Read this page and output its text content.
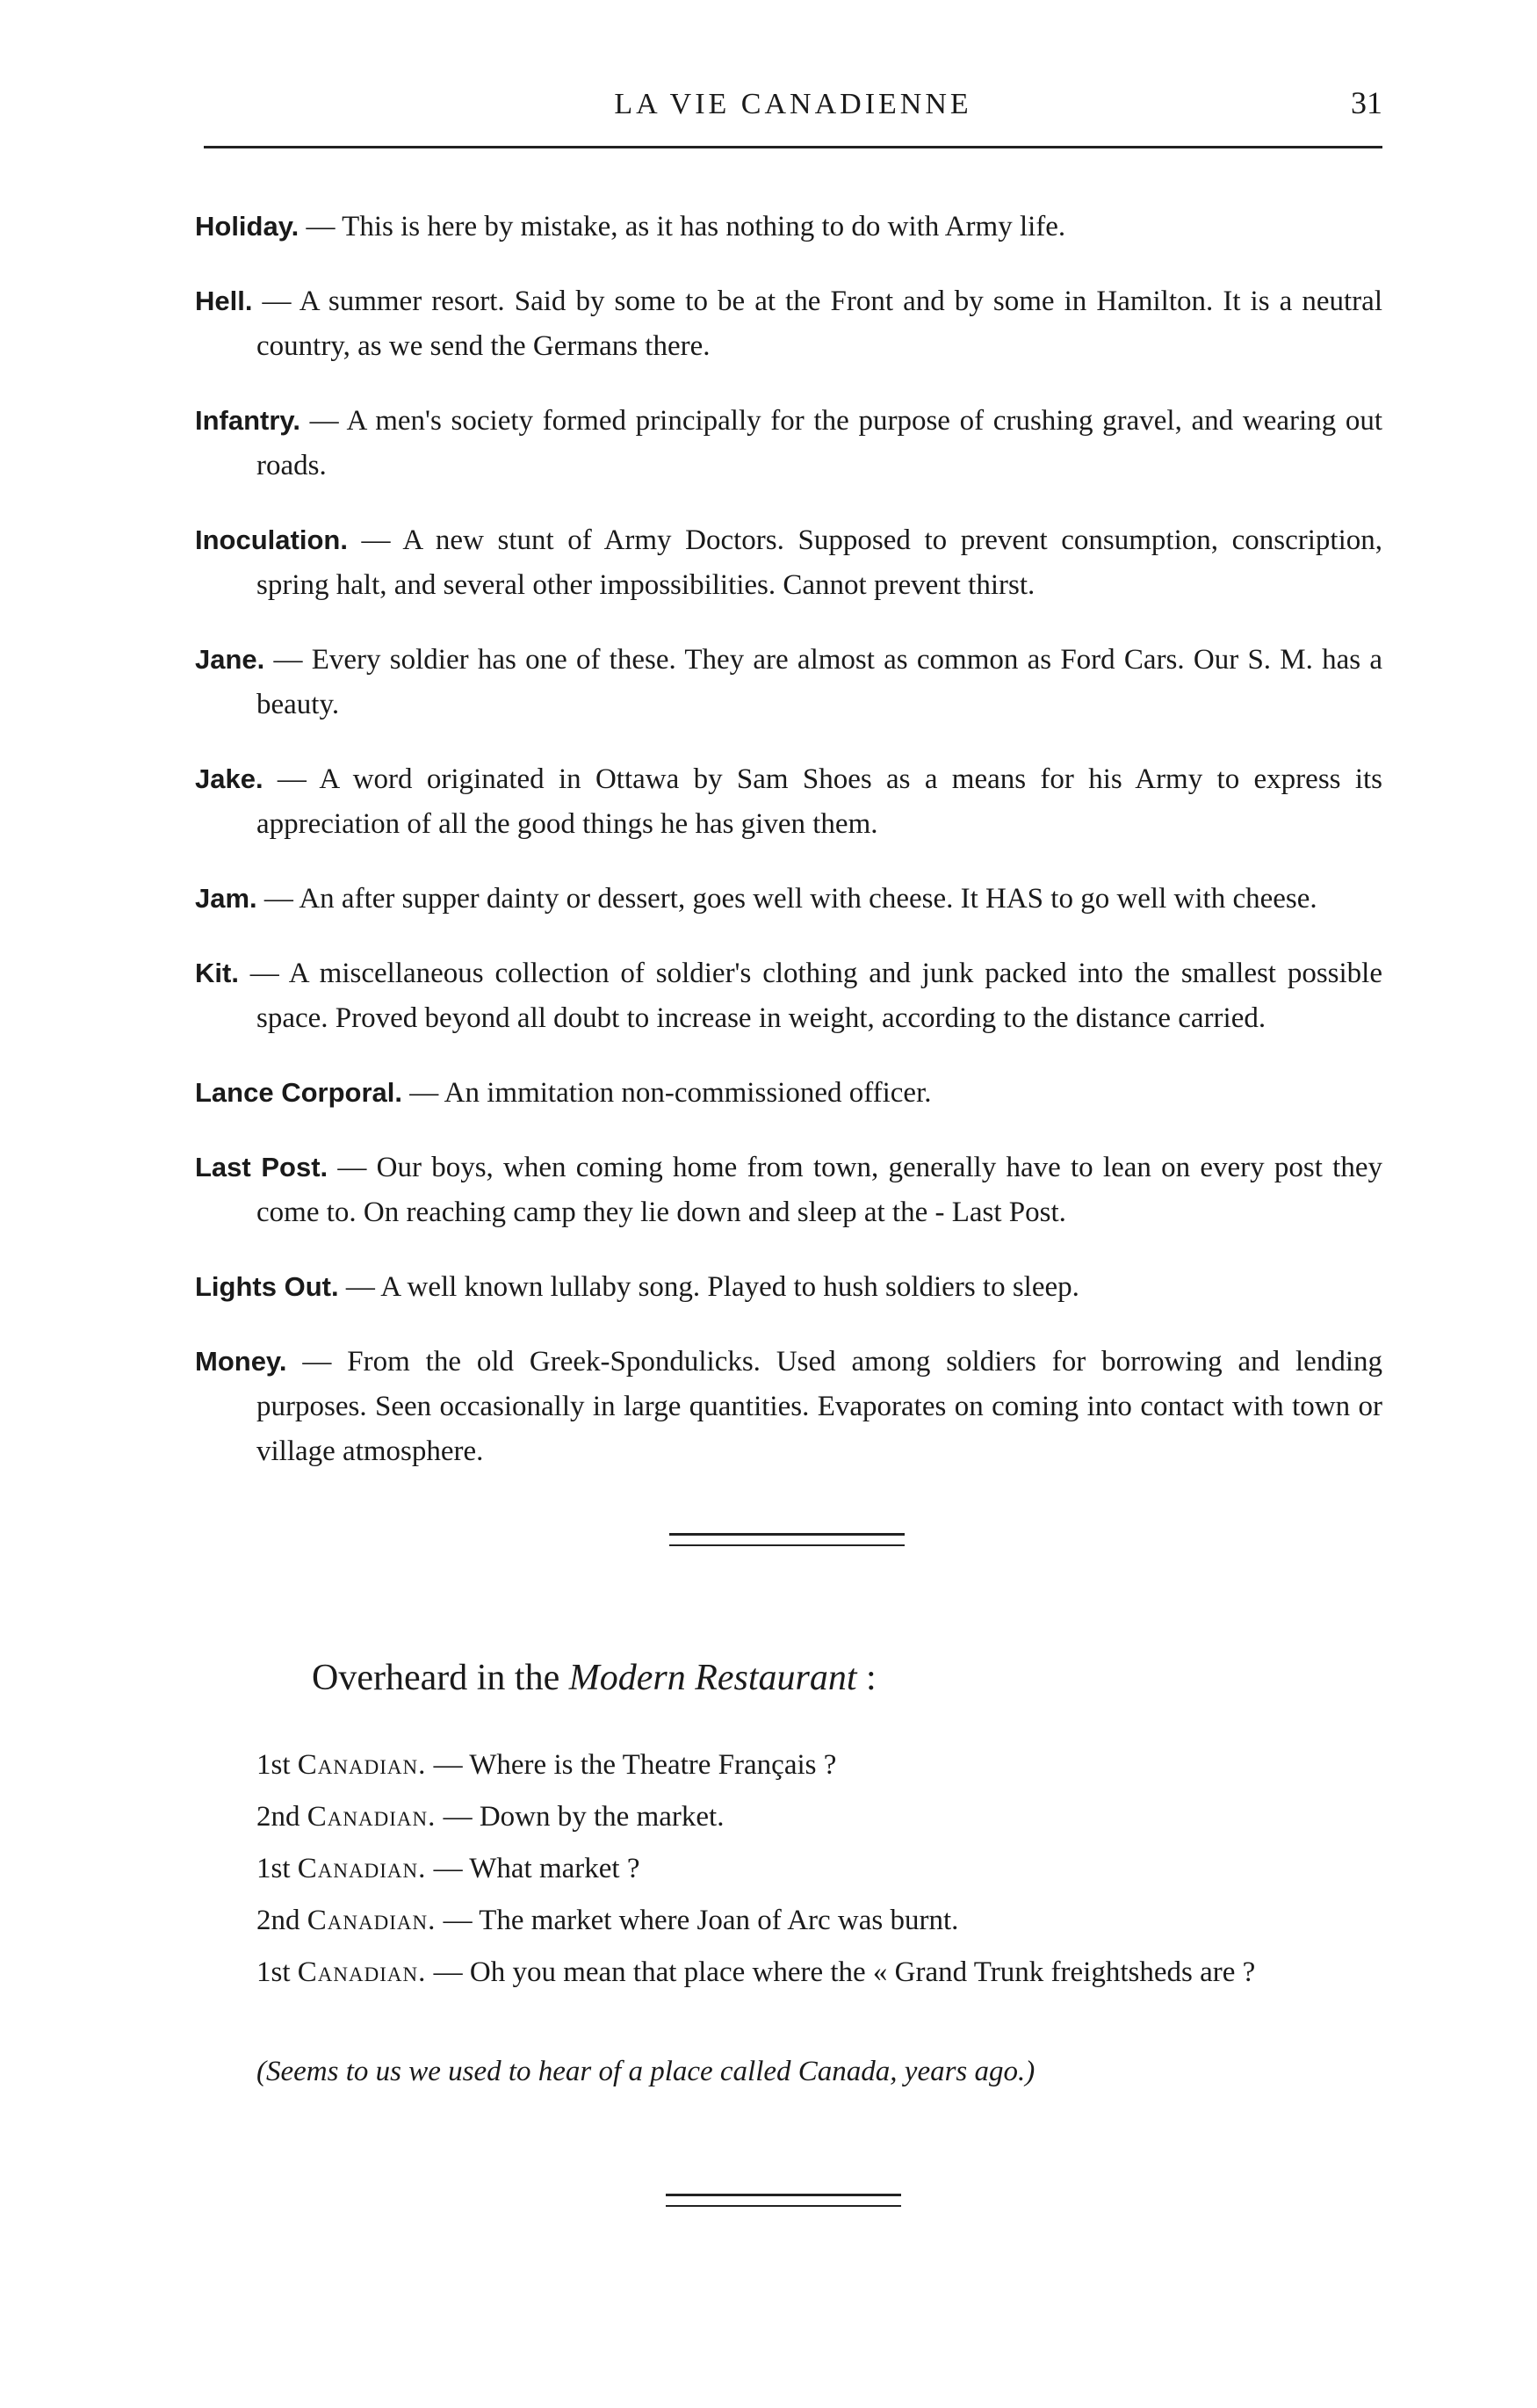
LA VIE CANADIENNE	31

Holiday. — This is here by mistake, as it has nothing to do with Army life.

Hell. — A summer resort. Said by some to be at the Front and by some in Hamilton. It is a neutral country, as we send the Germans there.

Infantry. — A men's society formed principally for the purpose of crushing gravel, and wearing out roads.

Inoculation. — A new stunt of Army Doctors. Supposed to prevent consumption, conscription, spring halt, and several other impossibilities. Cannot prevent thirst.

Jane. — Every soldier has one of these. They are almost as common as Ford Cars. Our S. M. has a beauty.

Jake. — A word originated in Ottawa by Sam Shoes as a means for his Army to express its appreciation of all the good things he has given them.

Jam. — An after supper dainty or dessert, goes well with cheese. It HAS to go well with cheese.

Kit. — A miscellaneous collection of soldier's clothing and junk packed into the smallest possible space. Proved beyond all doubt to increase in weight, according to the distance carried.

Lance Corporal. — An immitation non-commissioned officer.

Last Post. — Our boys, when coming home from town, generally have to lean on every post they come to. On reaching camp they lie down and sleep at the - Last Post.

Lights Out. — A well known lullaby song. Played to hush soldiers to sleep.

Money. — From the old Greek-Spondulicks. Used among soldiers for borrowing and lending purposes. Seen occasionally in large quantities. Evaporates on coming into contact with town or village atmosphere.

Overheard in the Modern Restaurant :
1st Canadian. — Where is the Theatre Français ?
2nd Canadian. — Down by the market.
1st Canadian. — What market ?
2nd Canadian. — The market where Joan of Arc was burnt.
1st Canadian. — Oh you mean that place where the « Grand Trunk freightsheds are ?
(Seems to us we used to hear of a place called Canada, years ago.)
